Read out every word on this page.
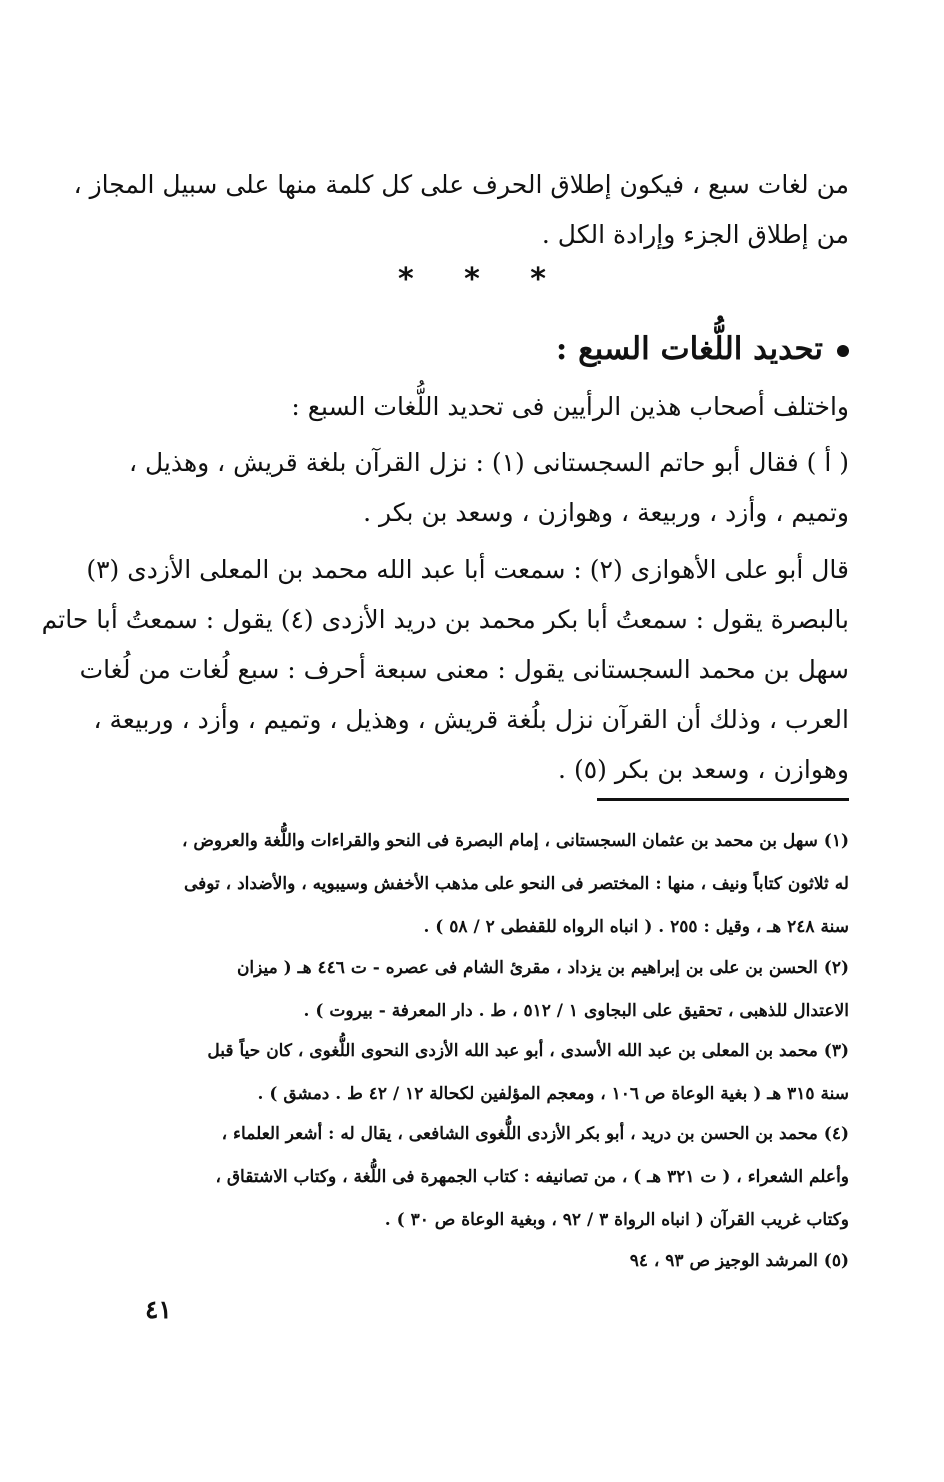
من لغات سبع ، فيكون إطلاق الحرف على كل كلمة منها على سبيل المجاز ،
من إطلاق الجزء وإرادة الكل .
* * *
تحديد اللُّغات السبع :
واختلف أصحاب هذين الرأيين فى تحديد اللُّغات السبع :
( أ ) فقال أبو حاتم السجستانى (١) : نزل القرآن بلغة قريش ، وهذيل ،
وتميم ، وأزد ، وربيعة ، وهوازن ، وسعد بن بكر .
قال أبو على الأهوازى (٢) : سمعت أبا عبد الله محمد بن المعلى الأزدى (٣)
بالبصرة يقول : سمعتُ أبا بكر محمد بن دريد الأزدى (٤) يقول : سمعتُ أبا حاتم
سهل بن محمد السجستانى يقول : معنى سبعة أحرف : سبع لُغات من لُغات
العرب ، وذلك أن القرآن نزل بلُغة قريش ، وهذيل ، وتميم ، وأزد ، وربيعة ،
وهوازن ، وسعد بن بكر (٥) .
(١) سهل بن محمد بن عثمان السجستانى ، إمام البصرة فى النحو والقراءات واللُّغة والعروض ،
له ثلاثون كتاباً ونيف ، منها : المختصر فى النحو على مذهب الأخفش وسيبويه ، والأضداد ، توفى
سنة ٢٤٨ هـ ، وقيل : ٢٥٥ . ( انباه الرواه للقفطى ٢ / ٥٨ ) .
(٢) الحسن بن على بن إبراهيم بن يزداد ، مقرئ الشام فى عصره - ت ٤٤٦ هـ ( ميزان
الاعتدال للذهبى ، تحقيق على البجاوى ١ / ٥١٢ ، ط . دار المعرفة - بيروت ) .
(٣) محمد بن المعلى بن عبد الله الأسدى ، أبو عبد الله الأزدى النحوى اللُّغوى ، كان حياً قبل
سنة ٣١٥ هـ ( بغية الوعاة ص ١٠٦ ، ومعجم المؤلفين لكحالة ١٢ / ٤٢ ط . دمشق ) .
(٤) محمد بن الحسن بن دريد ، أبو بكر الأزدى اللُّغوى الشافعى ، يقال له : أشعر العلماء ،
وأعلم الشعراء ، ( ت ٣٢١ هـ ) ، من تصانيفه : كتاب الجمهرة فى اللُّغة ، وكتاب الاشتقاق ،
وكتاب غريب القرآن ( انباه الرواة ٣ / ٩٢ ، وبغية الوعاة ص ٣٠ ) .
(٥) المرشد الوجيز ص ٩٣ ، ٩٤
٤١
